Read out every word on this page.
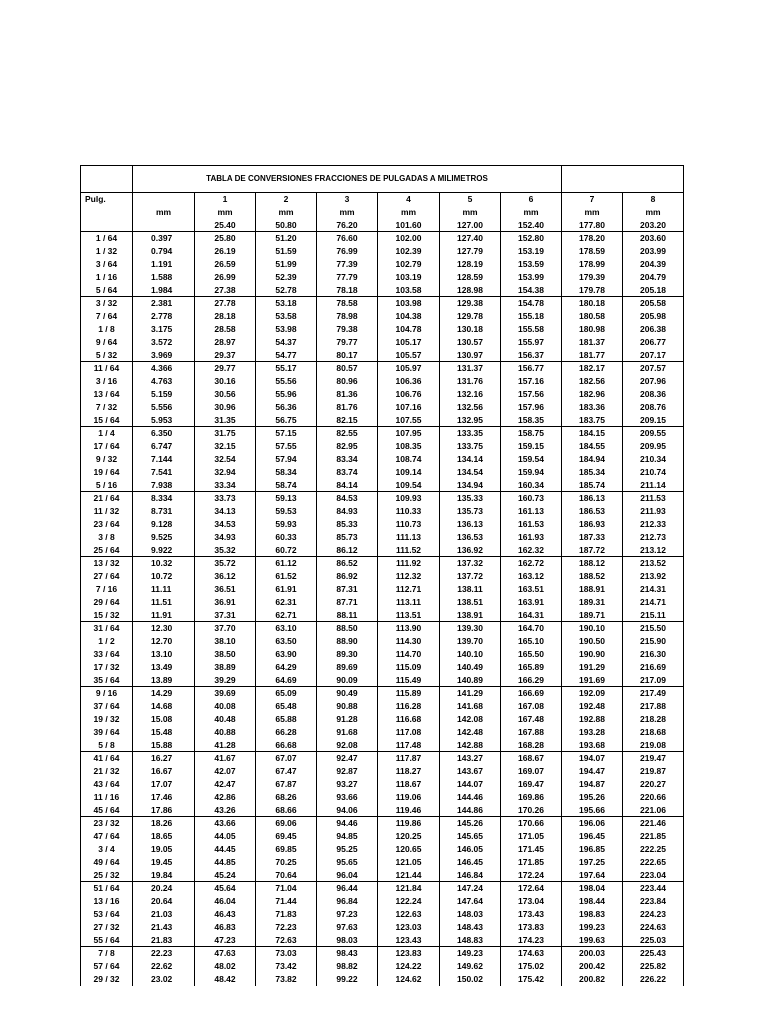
	TABLA DE CONVERSIONES FRACCIONES DE PULGADAS A MILIMETROS								
Pulg.		1	2	3	4	5	6	7	8
	mm	mm	mm	mm	mm	mm	mm	mm	mm
		25.40	50.80	76.20	101.60	127.00	152.40	177.80	203.20
1 / 64	0.397	25.80	51.20	76.60	102.00	127.40	152.80	178.20	203.60
1 / 32	0.794	26.19	51.59	76.99	102.39	127.79	153.19	178.59	203.99
3 / 64	1.191	26.59	51.99	77.39	102.79	128.19	153.59	178.99	204.39
1 / 16	1.588	26.99	52.39	77.79	103.19	128.59	153.99	179.39	204.79
5 / 64	1.984	27.38	52.78	78.18	103.58	128.98	154.38	179.78	205.18
3 / 32	2.381	27.78	53.18	78.58	103.98	129.38	154.78	180.18	205.58
7 / 64	2.778	28.18	53.58	78.98	104.38	129.78	155.18	180.58	205.98
1 / 8	3.175	28.58	53.98	79.38	104.78	130.18	155.58	180.98	206.38
9 / 64	3.572	28.97	54.37	79.77	105.17	130.57	155.97	181.37	206.77
5 / 32	3.969	29.37	54.77	80.17	105.57	130.97	156.37	181.77	207.17
11 / 64	4.366	29.77	55.17	80.57	105.97	131.37	156.77	182.17	207.57
3 / 16	4.763	30.16	55.56	80.96	106.36	131.76	157.16	182.56	207.96
13 / 64	5.159	30.56	55.96	81.36	106.76	132.16	157.56	182.96	208.36
7 / 32	5.556	30.96	56.36	81.76	107.16	132.56	157.96	183.36	208.76
15 / 64	5.953	31.35	56.75	82.15	107.55	132.95	158.35	183.75	209.15
1 / 4	6.350	31.75	57.15	82.55	107.95	133.35	158.75	184.15	209.55
17 / 64	6.747	32.15	57.55	82.95	108.35	133.75	159.15	184.55	209.95
9 / 32	7.144	32.54	57.94	83.34	108.74	134.14	159.54	184.94	210.34
19 / 64	7.541	32.94	58.34	83.74	109.14	134.54	159.94	185.34	210.74
5 / 16	7.938	33.34	58.74	84.14	109.54	134.94	160.34	185.74	211.14
21 / 64	8.334	33.73	59.13	84.53	109.93	135.33	160.73	186.13	211.53
11 / 32	8.731	34.13	59.53	84.93	110.33	135.73	161.13	186.53	211.93
23 / 64	9.128	34.53	59.93	85.33	110.73	136.13	161.53	186.93	212.33
3 / 8	9.525	34.93	60.33	85.73	111.13	136.53	161.93	187.33	212.73
25 / 64	9.922	35.32	60.72	86.12	111.52	136.92	162.32	187.72	213.12
13 / 32	10.32	35.72	61.12	86.52	111.92	137.32	162.72	188.12	213.52
27 / 64	10.72	36.12	61.52	86.92	112.32	137.72	163.12	188.52	213.92
7 / 16	11.11	36.51	61.91	87.31	112.71	138.11	163.51	188.91	214.31
29 / 64	11.51	36.91	62.31	87.71	113.11	138.51	163.91	189.31	214.71
15 / 32	11.91	37.31	62.71	88.11	113.51	138.91	164.31	189.71	215.11
31 / 64	12.30	37.70	63.10	88.50	113.90	139.30	164.70	190.10	215.50
1 / 2	12.70	38.10	63.50	88.90	114.30	139.70	165.10	190.50	215.90
33 / 64	13.10	38.50	63.90	89.30	114.70	140.10	165.50	190.90	216.30
17 / 32	13.49	38.89	64.29	89.69	115.09	140.49	165.89	191.29	216.69
35 / 64	13.89	39.29	64.69	90.09	115.49	140.89	166.29	191.69	217.09
9 / 16	14.29	39.69	65.09	90.49	115.89	141.29	166.69	192.09	217.49
37 / 64	14.68	40.08	65.48	90.88	116.28	141.68	167.08	192.48	217.88
19 / 32	15.08	40.48	65.88	91.28	116.68	142.08	167.48	192.88	218.28
39 / 64	15.48	40.88	66.28	91.68	117.08	142.48	167.88	193.28	218.68
5 / 8	15.88	41.28	66.68	92.08	117.48	142.88	168.28	193.68	219.08
41 / 64	16.27	41.67	67.07	92.47	117.87	143.27	168.67	194.07	219.47
21 / 32	16.67	42.07	67.47	92.87	118.27	143.67	169.07	194.47	219.87
43 / 64	17.07	42.47	67.87	93.27	118.67	144.07	169.47	194.87	220.27
11 / 16	17.46	42.86	68.26	93.66	119.06	144.46	169.86	195.26	220.66
45 / 64	17.86	43.26	68.66	94.06	119.46	144.86	170.26	195.66	221.06
23 / 32	18.26	43.66	69.06	94.46	119.86	145.26	170.66	196.06	221.46
47 / 64	18.65	44.05	69.45	94.85	120.25	145.65	171.05	196.45	221.85
3 / 4	19.05	44.45	69.85	95.25	120.65	146.05	171.45	196.85	222.25
49 / 64	19.45	44.85	70.25	95.65	121.05	146.45	171.85	197.25	222.65
25 / 32	19.84	45.24	70.64	96.04	121.44	146.84	172.24	197.64	223.04
51 / 64	20.24	45.64	71.04	96.44	121.84	147.24	172.64	198.04	223.44
13 / 16	20.64	46.04	71.44	96.84	122.24	147.64	173.04	198.44	223.84
53 / 64	21.03	46.43	71.83	97.23	122.63	148.03	173.43	198.83	224.23
27 / 32	21.43	46.83	72.23	97.63	123.03	148.43	173.83	199.23	224.63
55 / 64	21.83	47.23	72.63	98.03	123.43	148.83	174.23	199.63	225.03
7 / 8	22.23	47.63	73.03	98.43	123.83	149.23	174.63	200.03	225.43
57 / 64	22.62	48.02	73.42	98.82	124.22	149.62	175.02	200.42	225.82
29 / 32	23.02	48.42	73.82	99.22	124.62	150.02	175.42	200.82	226.22
